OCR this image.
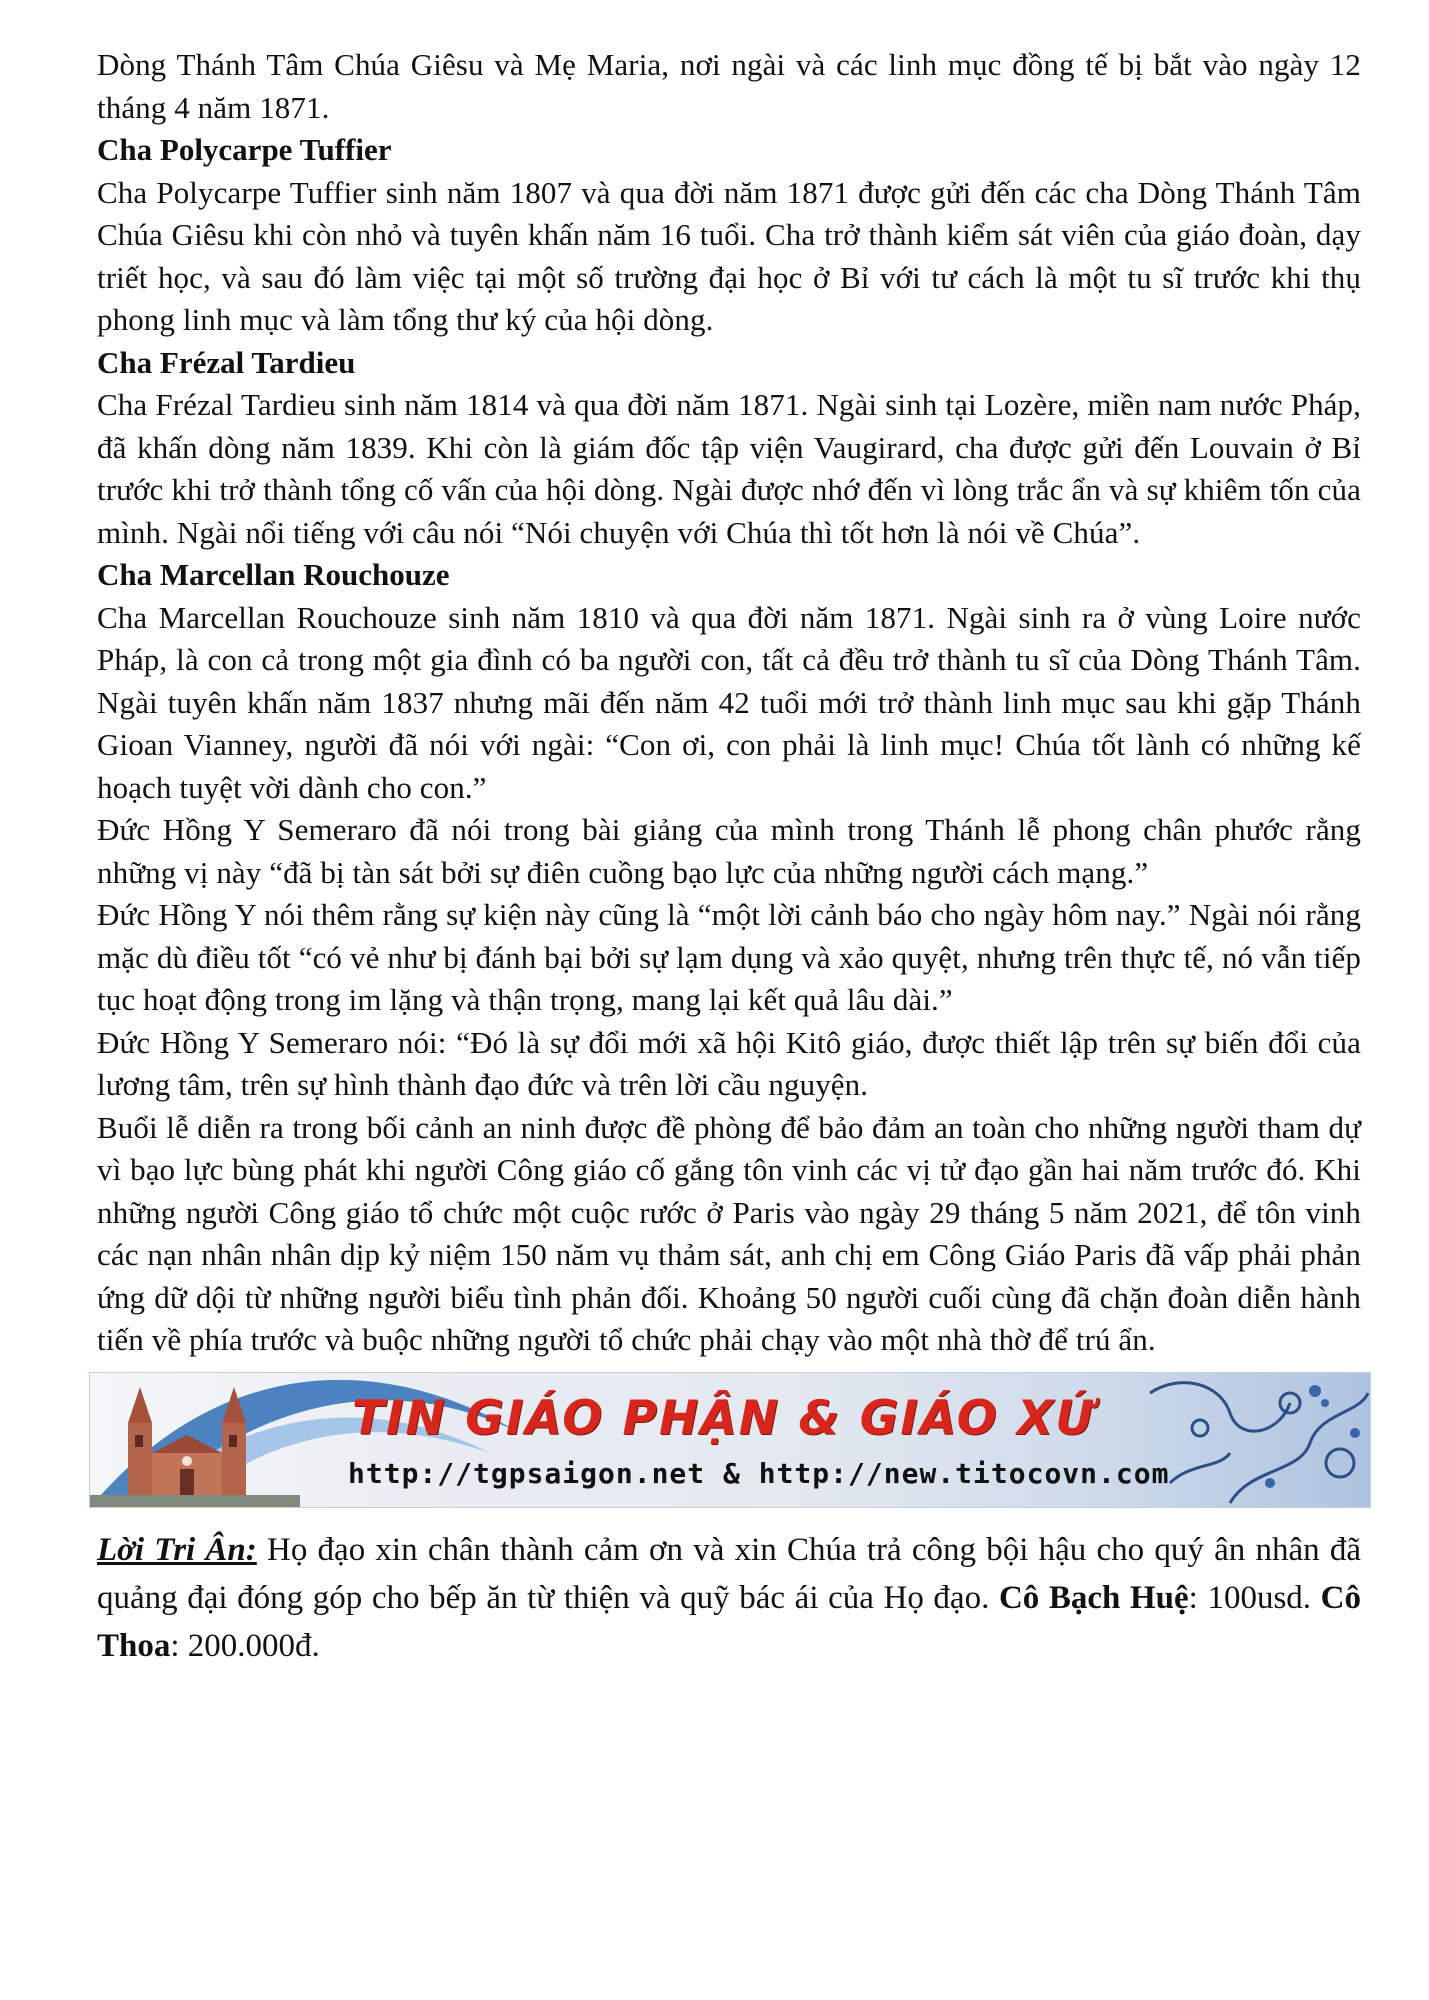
Dòng Thánh Tâm Chúa Giêsu và Mẹ Maria, nơi ngài và các linh mục đồng tế bị bắt vào ngày 12 tháng 4 năm 1871.

Cha Polycarpe Tuffier

Cha Polycarpe Tuffier sinh năm 1807 và qua đời năm 1871 được gửi đến các cha Dòng Thánh Tâm Chúa Giêsu khi còn nhỏ và tuyên khấn năm 16 tuổi. Cha trở thành kiểm sát viên của giáo đoàn, dạy triết học, và sau đó làm việc tại một số trường đại học ở Bỉ với tư cách là một tu sĩ trước khi thụ phong linh mục và làm tổng thư ký của hội dòng.

Cha Frézal Tardieu

Cha Frézal Tardieu sinh năm 1814 và qua đời năm 1871. Ngài sinh tại Lozère, miền nam nước Pháp, đã khấn dòng năm 1839. Khi còn là giám đốc tập viện Vaugirard, cha được gửi đến Louvain ở Bỉ trước khi trở thành tổng cố vấn của hội dòng. Ngài được nhớ đến vì lòng trắc ẩn và sự khiêm tốn của mình. Ngài nổi tiếng với câu nói “Nói chuyện với Chúa thì tốt hơn là nói về Chúa”.

Cha Marcellan Rouchouze

Cha Marcellan Rouchouze sinh năm 1810 và qua đời năm 1871. Ngài sinh ra ở vùng Loire nước Pháp, là con cả trong một gia đình có ba người con, tất cả đều trở thành tu sĩ của Dòng Thánh Tâm. Ngài tuyên khấn năm 1837 nhưng mãi đến năm 42 tuổi mới trở thành linh mục sau khi gặp Thánh Gioan Vianney, người đã nói với ngài: “Con ơi, con phải là linh mục! Chúa tốt lành có những kế hoạch tuyệt vời dành cho con.”

Đức Hồng Y Semeraro đã nói trong bài giảng của mình trong Thánh lễ phong chân phước rằng những vị này “đã bị tàn sát bởi sự điên cuồng bạo lực của những người cách mạng.”

Đức Hồng Y nói thêm rằng sự kiện này cũng là “một lời cảnh báo cho ngày hôm nay.” Ngài nói rằng mặc dù điều tốt “có vẻ như bị đánh bại bởi sự lạm dụng và xảo quyệt, nhưng trên thực tế, nó vẫn tiếp tục hoạt động trong im lặng và thận trọng, mang lại kết quả lâu dài.”

Đức Hồng Y Semeraro nói: “Đó là sự đổi mới xã hội Kitô giáo, được thiết lập trên sự biến đổi của lương tâm, trên sự hình thành đạo đức và trên lời cầu nguyện.

Buổi lễ diễn ra trong bối cảnh an ninh được đề phòng để bảo đảm an toàn cho những người tham dự vì bạo lực bùng phát khi người Công giáo cố gắng tôn vinh các vị tử đạo gần hai năm trước đó. Khi những người Công giáo tổ chức một cuộc rước ở Paris vào ngày 29 tháng 5 năm 2021, để tôn vinh các nạn nhân nhân dịp kỷ niệm 150 năm vụ thảm sát, anh chị em Công Giáo Paris đã vấp phải phản ứng dữ dội từ những người biểu tình phản đối. Khoảng 50 người cuối cùng đã chặn đoàn diễn hành tiến về phía trước và buộc những người tổ chức phải chạy vào một nhà thờ để trú ẩn.

TIN GIÁO PHẬN & GIÁO XỨ
http://tgpsaigon.net & http://new.titocovn.com

Lời Tri Ân: Họ đạo xin chân thành cảm ơn và xin Chúa trả công bội hậu cho quý ân nhân đã quảng đại đóng góp cho bếp ăn từ thiện và quỹ bác ái của Họ đạo. Cô Bạch Huệ: 100usd. Cô Thoa: 200.000đ.
